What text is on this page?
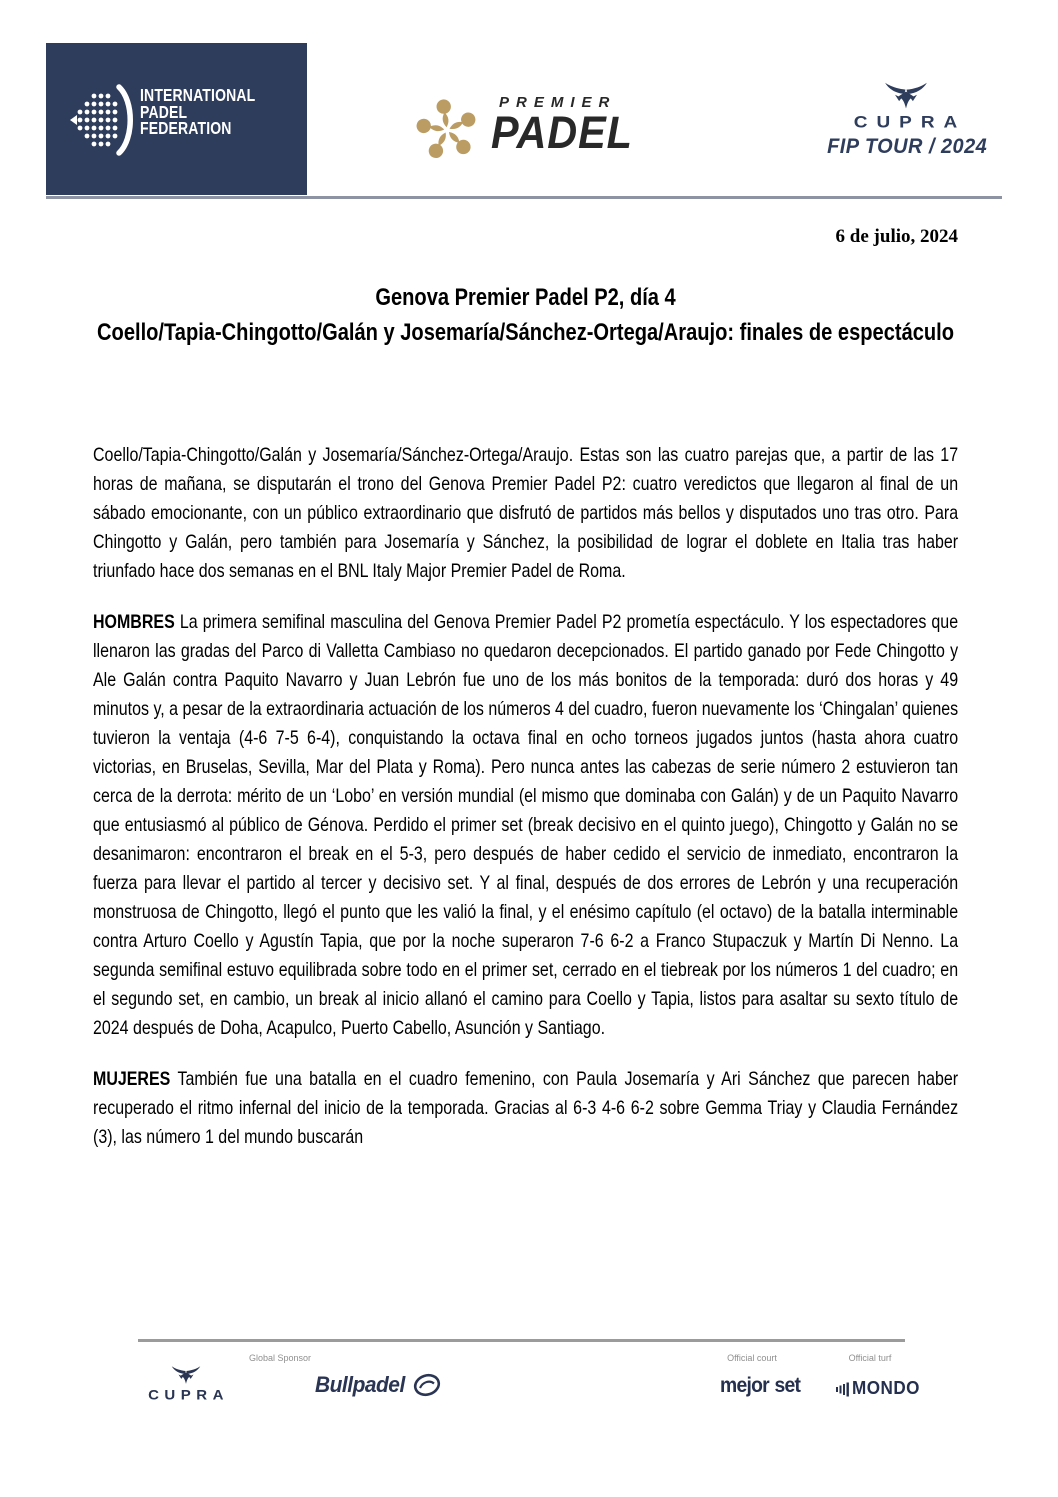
INTERNATIONAL
PADEL
FEDERATION
PREMIER
PADEL	CUPRA
FIP TOUR / 2024
6 de julio, 2024
Genova Premier Padel P2, día 4
Coello/Tapia-Chingotto/Galán y Josemaría/Sánchez-Ortega/Araujo: finales de espectáculo

Coello/Tapia-Chingotto/Galán y Josemaría/Sánchez-Ortega/Araujo. Estas son las cuatro parejas que, a partir de las 17 horas de mañana, se disputarán el trono del Genova Premier Padel P2: cuatro veredictos que llegaron al final de un sábado emocionante, con un público extraordinario que disfrutó de partidos más bellos y disputados uno tras otro. Para Chingotto y Galán, pero también para Josemaría y Sánchez, la posibilidad de lograr el doblete en Italia tras haber triunfado hace dos semanas en el BNL Italy Major Premier Padel de Roma.

HOMBRES La primera semifinal masculina del Genova Premier Padel P2 prometía espectáculo. Y los espectadores que llenaron las gradas del Parco di Valletta Cambiaso no quedaron decepcionados. El partido ganado por Fede Chingotto y Ale Galán contra Paquito Navarro y Juan Lebrón fue uno de los más bonitos de la temporada: duró dos horas y 49 minutos y, a pesar de la extraordinaria actuación de los números 4 del cuadro, fueron nuevamente los ‘Chingalan’ quienes tuvieron la ventaja (4-6 7-5 6-4), conquistando la octava final en ocho torneos jugados juntos (hasta ahora cuatro victorias, en Bruselas, Sevilla, Mar del Plata y Roma). Pero nunca antes las cabezas de serie número 2 estuvieron tan cerca de la derrota: mérito de un ‘Lobo’ en versión mundial (el mismo que dominaba con Galán) y de un Paquito Navarro que entusiasmó al público de Génova. Perdido el primer set (break decisivo en el quinto juego), Chingotto y Galán no se desanimaron: encontraron el break en el 5-3, pero después de haber cedido el servicio de inmediato, encontraron la fuerza para llevar el partido al tercer y decisivo set. Y al final, después de dos errores de Lebrón y una recuperación monstruosa de Chingotto, llegó el punto que les valió la final, y el enésimo capítulo (el octavo) de la batalla interminable contra Arturo Coello y Agustín Tapia, que por la noche superaron 7-6 6-2 a Franco Stupaczuk y Martín Di Nenno. La segunda semifinal estuvo equilibrada sobre todo en el primer set, cerrado en el tiebreak por los números 1 del cuadro; en el segundo set, en cambio, un break al inicio allanó el camino para Coello y Tapia, listos para asaltar su sexto título de 2024 después de Doha, Acapulco, Puerto Cabello, Asunción y Santiago.

MUJERES También fue una batalla en el cuadro femenino, con Paula Josemaría y Ari Sánchez que parecen haber recuperado el ritmo infernal del inicio de la temporada. Gracias al 6-3 4-6 6-2 sobre Gemma Triay y Claudia Fernández (3), las número 1 del mundo buscarán

Global Sponsor	Official court	Official turf
CUPRA	Bullpadel	mejor set	MONDO
